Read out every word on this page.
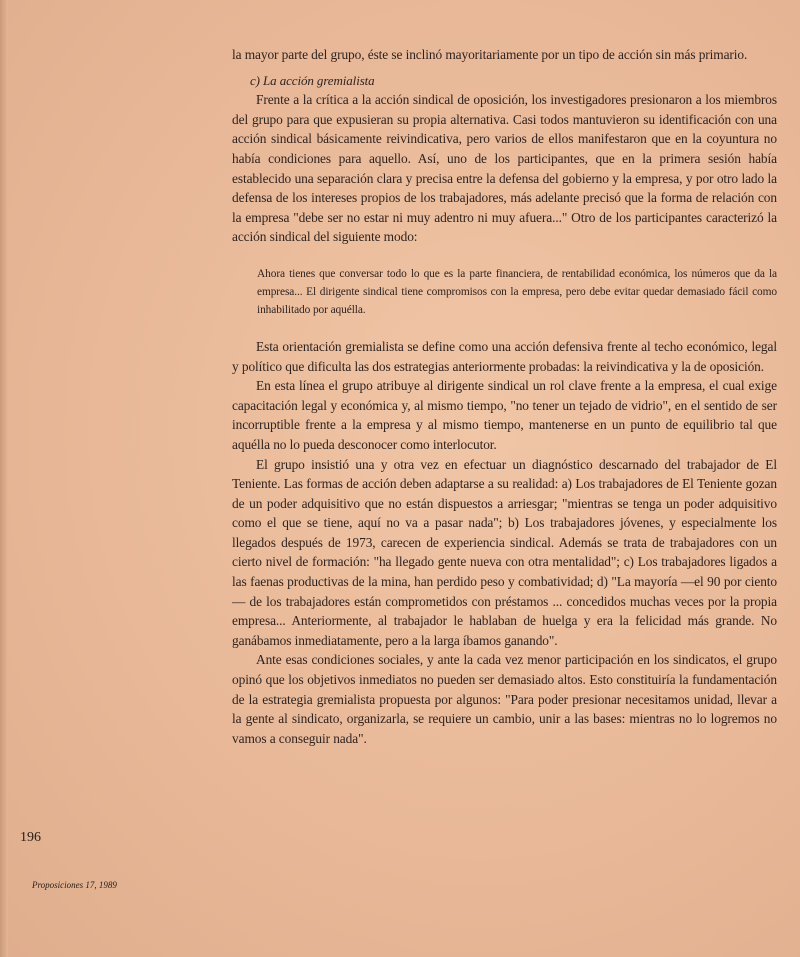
la mayor parte del grupo, éste se inclinó mayoritariamente por un tipo de acción sin más primario.

c) La acción gremialista

Frente a la crítica a la acción sindical de oposición, los investigadores presionaron a los miembros del grupo para que expusieran su propia alternativa. Casi todos mantuvieron su identificación con una acción sindical básicamente reivindicativa, pero varios de ellos manifestaron que en la coyuntura no había condiciones para aquello. Así, uno de los participantes, que en la primera sesión había establecido una separación clara y precisa entre la defensa del gobierno y la empresa, y por otro lado la defensa de los intereses propios de los trabajadores, más adelante precisó que la forma de relación con la empresa "debe ser no estar ni muy adentro ni muy afuera..." Otro de los participantes caracterizó la acción sindical del siguiente modo:

Ahora tienes que conversar todo lo que es la parte financiera, de rentabilidad económica, los números que da la empresa... El dirigente sindical tiene compromisos con la empresa, pero debe evitar quedar demasiado fácil como inhabilitado por aquélla.

Esta orientación gremialista se define como una acción defensiva frente al techo económico, legal y político que dificulta las dos estrategias anteriormente probadas: la reivindicativa y la de oposición.

En esta línea el grupo atribuye al dirigente sindical un rol clave frente a la empresa, el cual exige capacitación legal y económica y, al mismo tiempo, "no tener un tejado de vidrio", en el sentido de ser incorruptible frente a la empresa y al mismo tiempo, mantenerse en un punto de equilibrio tal que aquélla no lo pueda desconocer como interlocutor.

El grupo insistió una y otra vez en efectuar un diagnóstico descarnado del trabajador de El Teniente. Las formas de acción deben adaptarse a su realidad: a) Los trabajadores de El Teniente gozan de un poder adquisitivo que no están dispuestos a arriesgar; "mientras se tenga un poder adquisitivo como el que se tiene, aquí no va a pasar nada"; b) Los trabajadores jóvenes, y especialmente los llegados después de 1973, carecen de experiencia sindical. Además se trata de trabajadores con un cierto nivel de formación: "ha llegado gente nueva con otra mentalidad"; c) Los trabajadores ligados a las faenas productivas de la mina, han perdido peso y combatividad; d) "La mayoría —el 90 por ciento— de los trabajadores están comprometidos con préstamos ... concedidos muchas veces por la propia empresa... Anteriormente, al trabajador le hablaban de huelga y era la felicidad más grande. No ganábamos inmediatamente, pero a la larga íbamos ganando".

Ante esas condiciones sociales, y ante la cada vez menor participación en los sindicatos, el grupo opinó que los objetivos inmediatos no pueden ser demasiado altos. Esto constituiría la fundamentación de la estrategia gremialista propuesta por algunos: "Para poder presionar necesitamos unidad, llevar a la gente al sindicato, organizarla, se requiere un cambio, unir a las bases: mientras no lo logremos no vamos a conseguir nada".

196
Proposiciones 17, 1989
